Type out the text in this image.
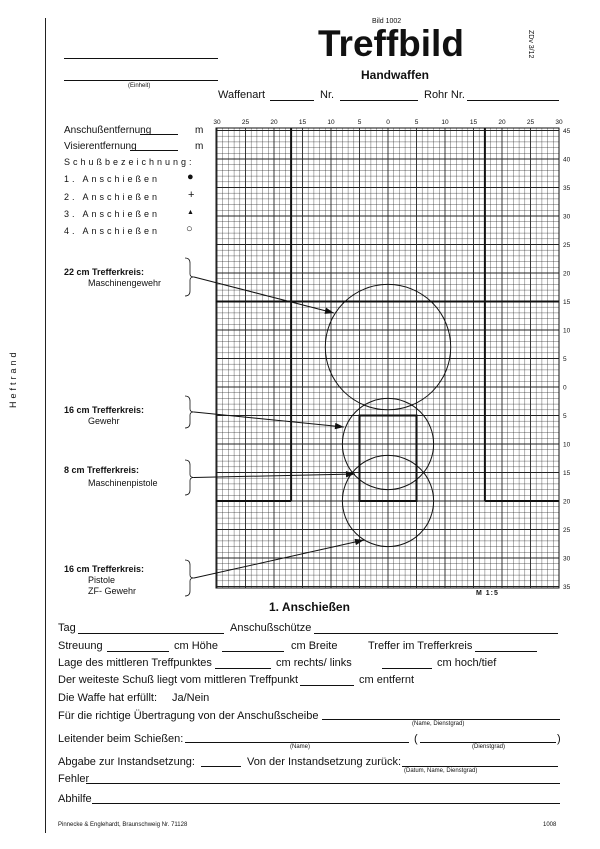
Heftrand
Bild 1002
Treffbild	ZDv 3/12
Handwaffen
(Einheit)
Waffenart	Nr.	Rohr Nr.
Anschußentfernung	m
Visierentfernung	m
Schußbezeichnung:
1. Anschießen ●
2. Anschießen	+
3. Anschießen	▲
4. Anschießen ○
22 cm Trefferkreis:
Maschinengewehr
16 cm Trefferkreis:
Gewehr
8 cm Trefferkreis:
Maschinenpistole
16 cm Trefferkreis:
Pistole
ZF- Gewehr
30	25	20	15	10	5	0	5	10	15	20	25	30
45
40
35
30
25
20
15
10
5
0
5
10
15
20
25
30
35
M 1:5
1. Anschießen
Tag	Anschußschütze
Streuung	cm Höhe	cm Breite	Treffer im Trefferkreis
Lage des mittleren Treffpunktes	cm rechts/ links	cm hoch/tief
Der weiteste Schuß liegt vom mittleren Treffpunkt	cm entfernt
Die Waffe hat erfüllt: Ja/Nein
Für die richtige Übertragung von der Anschußscheibe
(Name, Dienstgrad)
Leitender beim Schießen:	(	)
(Name)	(Dienstgrad)
Abgabe zur Instandsetzung:	Von der Instandsetzung zurück:
(Datum, Name, Dienstgrad)
Fehler
Abhilfe
Pinnecke & Englehardt, Braunschweig Nr. 71128	1008
